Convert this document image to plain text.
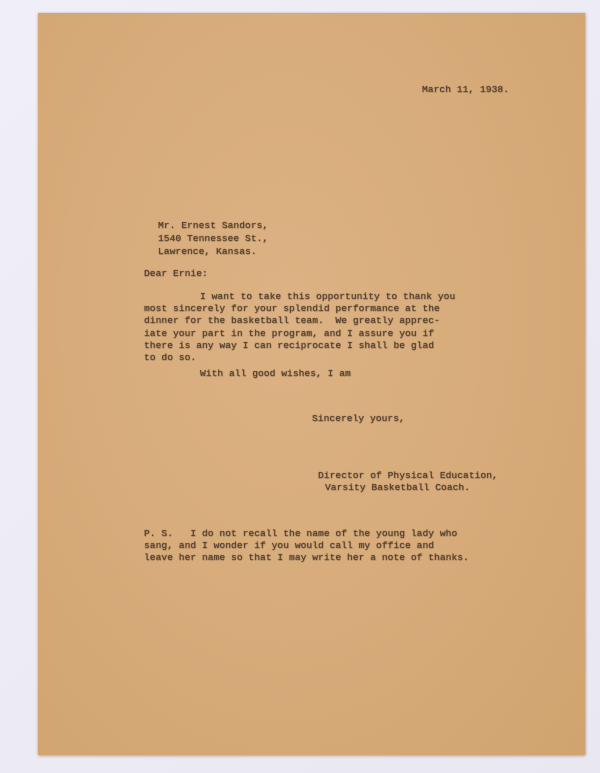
March 11, 1938.
Mr. Ernest Sandors,
1540 Tennessee St.,
Lawrence, Kansas.
Dear Ernie:
I want to take this opportunity to thank you
most sincerely for your splendid performance at the
dinner for the basketball team.  We greatly apprec-
iate your part in the program, and I assure you if
there is any way I can reciprocate I shall be glad
to do so.
With all good wishes, I am
Sincerely yours,
Director of Physical Education,
Varsity Basketball Coach.
P. S.   I do not recall the name of the young lady who
sang, and I wonder if you would call my office and
leave her name so that I may write her a note of thanks.
